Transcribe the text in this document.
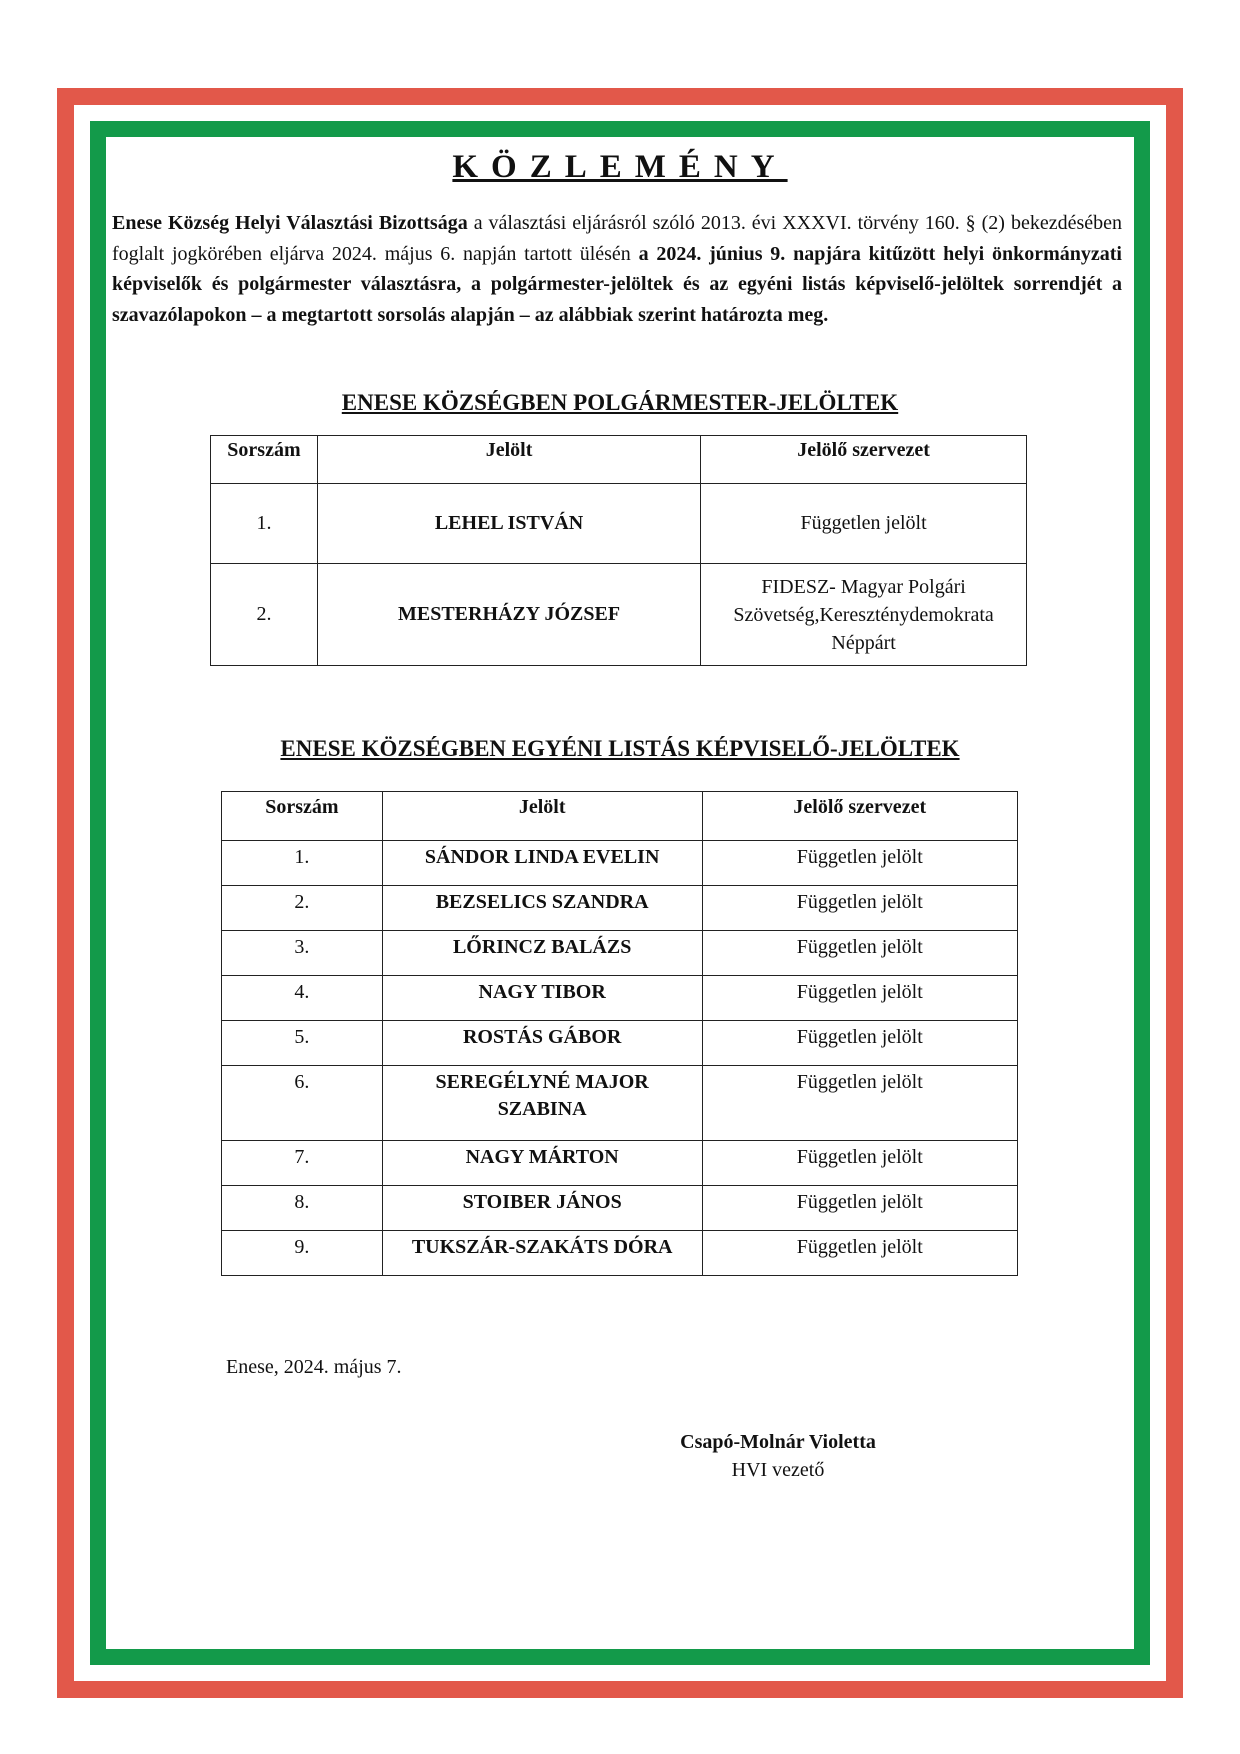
KÖZLEMÉNY

Enese Község Helyi Választási Bizottsága a választási eljárásról szóló 2013. évi XXXVI. törvény 160. § (2) bekezdésében foglalt jogkörében eljárva 2024. május 6. napján tartott ülésén a 2024. június 9. napjára kitűzött helyi önkormányzati képviselők és polgármester választásra, a polgármester-jelöltek és az egyéni listás képviselő-jelöltek sorrendjét a szavazólapokon – a megtartott sorsolás alapján – az alábbiak szerint határozta meg.

ENESE KÖZSÉGBEN POLGÁRMESTER-JELÖLTEK
Sorszám	Jelölt	Jelölő szervezet
1.	LEHEL ISTVÁN	Független jelölt
2.	MESTERHÁZY JÓZSEF	FIDESZ- Magyar Polgári Szövetség,Kereszténydemokrata Néppárt
ENESE KÖZSÉGBEN EGYÉNI LISTÁS KÉPVISELŐ-JELÖLTEK
Sorszám	Jelölt	Jelölő szervezet
1.	SÁNDOR LINDA EVELIN	Független jelölt
2.	BEZSELICS SZANDRA	Független jelölt
3.	LŐRINCZ BALÁZS	Független jelölt
4.	NAGY TIBOR	Független jelölt
5.	ROSTÁS GÁBOR	Független jelölt
6.	SEREGÉLYNÉ MAJOR SZABINA	Független jelölt
7.	NAGY MÁRTON	Független jelölt
8.	STOIBER JÁNOS	Független jelölt
9.	TUKSZÁR-SZAKÁTS DÓRA	Független jelölt
Enese, 2024. május 7.
Csapó-Molnár Violetta
HVI vezető
